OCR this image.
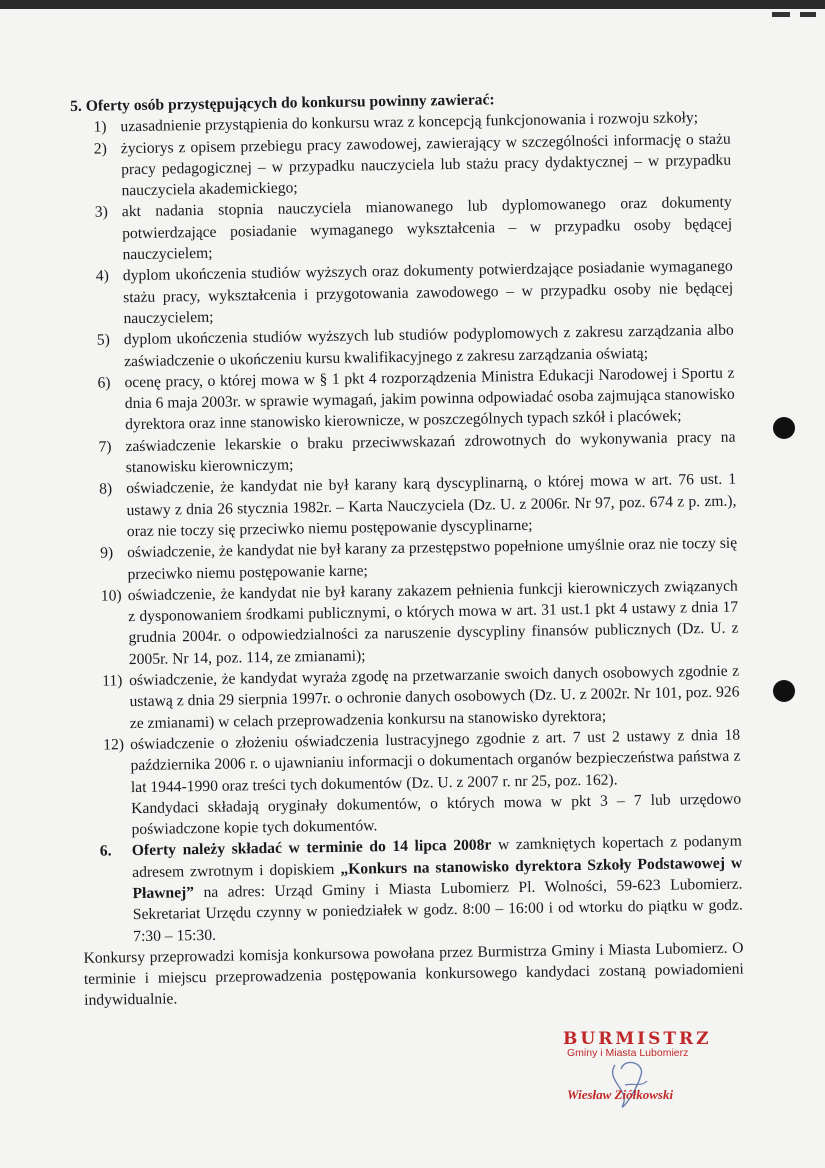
5. Oferty osób przystępujących do konkursu powinny zawierać:

1) uzasadnienie przystąpienia do konkursu wraz z koncepcją funkcjonowania i rozwoju szkoły;
2) życiorys z opisem przebiegu pracy zawodowej, zawierający w szczególności informację o stażu pracy pedagogicznej – w przypadku nauczyciela lub stażu pracy dydaktycznej – w przypadku nauczyciela akademickiego;
3) akt nadania stopnia nauczyciela mianowanego lub dyplomowanego oraz dokumenty potwierdzające posiadanie wymaganego wykształcenia – w przypadku osoby będącej nauczycielem;
4) dyplom ukończenia studiów wyższych oraz dokumenty potwierdzające posiadanie wymaganego stażu pracy, wykształcenia i przygotowania zawodowego – w przypadku osoby nie będącej nauczycielem;
5) dyplom ukończenia studiów wyższych lub studiów podyplomowych z zakresu zarządzania albo zaświadczenie o ukończeniu kursu kwalifikacyjnego z zakresu zarządzania oświatą;
6) ocenę pracy, o której mowa w § 1 pkt 4 rozporządzenia Ministra Edukacji Narodowej i Sportu z dnia 6 maja 2003r. w sprawie wymagań, jakim powinna odpowiadać osoba zajmująca stanowisko dyrektora oraz inne stanowisko kierownicze, w poszczególnych typach szkół i placówek;
7) zaświadczenie lekarskie o braku przeciwwskazań zdrowotnych do wykonywania pracy na stanowisku kierowniczym;
8) oświadczenie, że kandydat nie był karany karą dyscyplinarną, o której mowa w art. 76 ust. 1 ustawy z dnia 26 stycznia 1982r. – Karta Nauczyciela (Dz. U. z 2006r. Nr 97, poz. 674 z p. zm.), oraz nie toczy się przeciwko niemu postępowanie dyscyplinarne;
9) oświadczenie, że kandydat nie był karany za przestępstwo popełnione umyślnie oraz nie toczy się przeciwko niemu postępowanie karne;
10) oświadczenie, że kandydat nie był karany zakazem pełnienia funkcji kierowniczych związanych z dysponowaniem środkami publicznymi, o których mowa w art. 31 ust.1 pkt 4 ustawy z dnia 17 grudnia 2004r. o odpowiedzialności za naruszenie dyscypliny finansów publicznych (Dz. U. z 2005r. Nr 14, poz. 114, ze zmianami);
11) oświadczenie, że kandydat wyraża zgodę na przetwarzanie swoich danych osobowych zgodnie z ustawą z dnia 29 sierpnia 1997r. o ochronie danych osobowych (Dz. U. z 2002r. Nr 101, poz. 926 ze zmianami) w celach przeprowadzenia konkursu na stanowisko dyrektora;
12) oświadczenie o złożeniu oświadczenia lustracyjnego zgodnie z art. 7 ust 2 ustawy z dnia 18 października 2006 r. o ujawnianiu informacji o dokumentach organów bezpieczeństwa państwa z lat 1944-1990 oraz treści tych dokumentów (Dz. U. z 2007 r. nr 25, poz. 162).

Kandydaci składają oryginały dokumentów, o których mowa w pkt 3 – 7 lub urzędowo poświadczone kopie tych dokumentów.

6. Oferty należy składać w terminie do 14 lipca 2008r w zamkniętych kopertach z podanym adresem zwrotnym i dopiskiem „Konkurs na stanowisko dyrektora Szkoły Podstawowej w Pławnej” na adres: Urząd Gminy i Miasta Lubomierz Pl. Wolności, 59-623 Lubomierz. Sekretariat Urzędu czynny w poniedziałek w godz. 8:00 – 16:00 i od wtorku do piątku w godz. 7:30 – 15:30.

Konkursy przeprowadzi komisja konkursowa powołana przez Burmistrza Gminy i Miasta Lubomierz. O terminie i miejscu przeprowadzenia postępowania konkursowego kandydaci zostaną powiadomieni indywidualnie.

BURMISTRZ
Gminy i Miasta Lubomierz
Wiesław Ziółkowski
